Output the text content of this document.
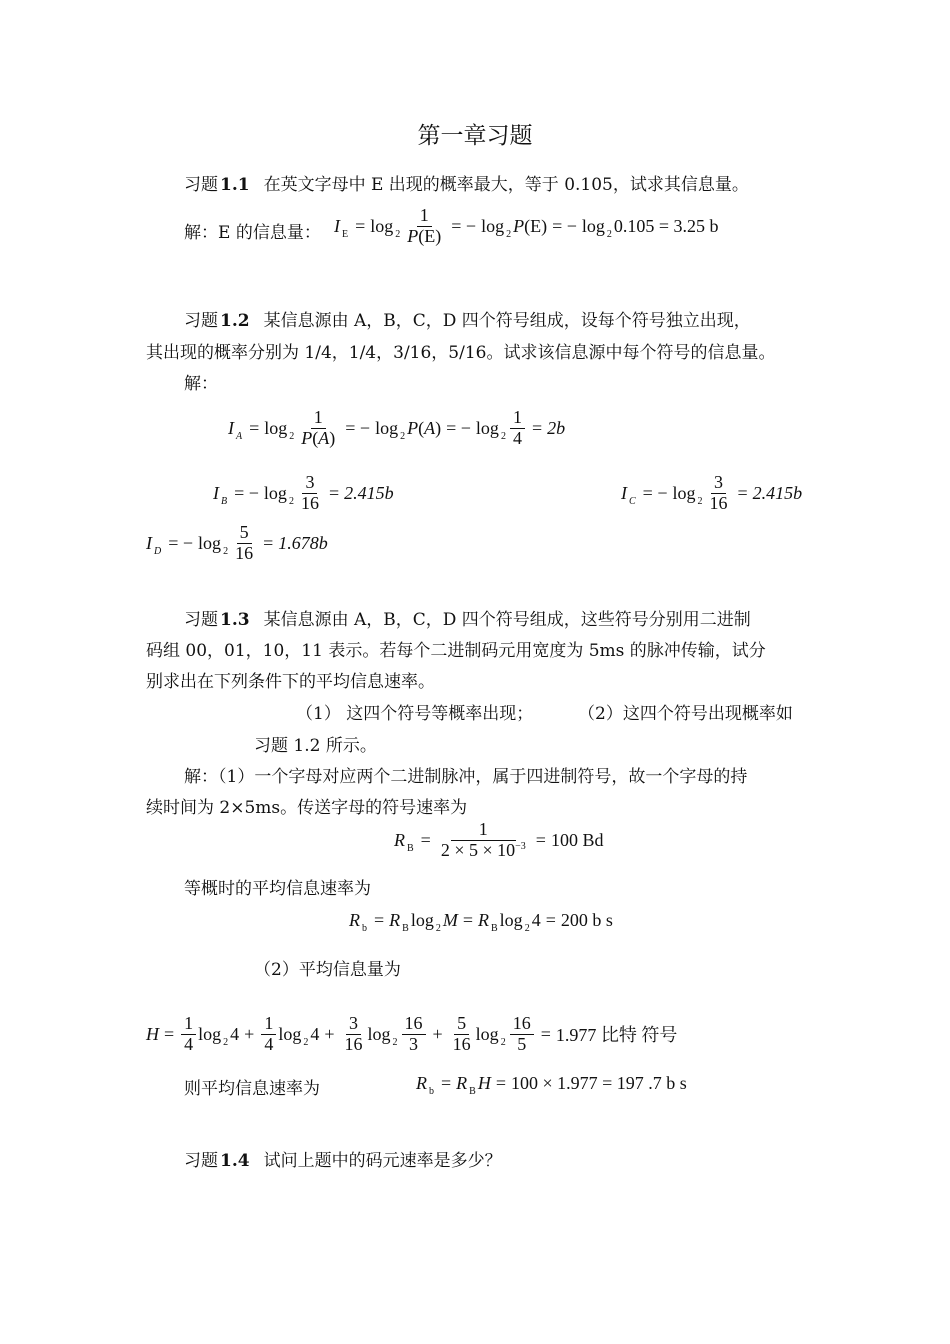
第一章习题
习题 1.1 在英文字母中 E 出现的概率最大，等于 0.105，试求其信息量。
解：E 的信息量： I $E = \log 2 \frac{1}{P(E)}$ = − log 2 P (E) = − log 2 0.105 = 3.25 b
习题 1.2 某信息源由 A，B，C，D 四个符号组成，设每个符号独立出现，
其出现的概率分别为 1/4，1/4，3/16，5/16。试求该信息源中每个符号的信息量。
解：
I $A = \log 2 \frac{1}{P(A)}$ = − log 2 P ( A ) = − $\log 2 \frac{1}{4} = 2b$
I B = − $\log 2 \frac{3}{16} = 2.415b$	I C = − $\log 2 \frac{3}{16} = 2.415b$
I D = − $\log 2 \frac{5}{16} = 1.678b$
习题 1.3 某信息源由 A，B，C，D 四个符号组成，这些符号分别用二进制
码组 00，01，10，11 表示。若每个二进制码元用宽度为 5ms 的脉冲传输，试分
别求出在下列条件下的平均信息速率。
（1） 这四个符号等概率出现；	（2）这四个符号出现概率如
习题 1.2 所示。
解：（1）一个字母对应两个二进制脉冲，属于四进制符号，故一个字母的持
续时间为 2×5ms。传送字母的符号速率为
R $B = \frac{1}{2 \times 5 \times 10^{-3}} = 100$ Bd
等概时的平均信息速率为
R b = R B log 2 M = R B log 2 4 = 200 b s
（2）平均信息量为
$H = \frac{1}{4}$ log 2 $4 + \frac{1}{4}$ log 2 $4 + \frac{3}{16}$ $\log 2 \frac{16}{3} + \frac{5}{16}$ $\log 2 \frac{16}{5} = 1.977$ 比特 符号
则平均信息速率为	R b = R B H = 100 × 1.977 = 197 .7 b s
习题 1.4 试问上题中的码元速率是多少？
